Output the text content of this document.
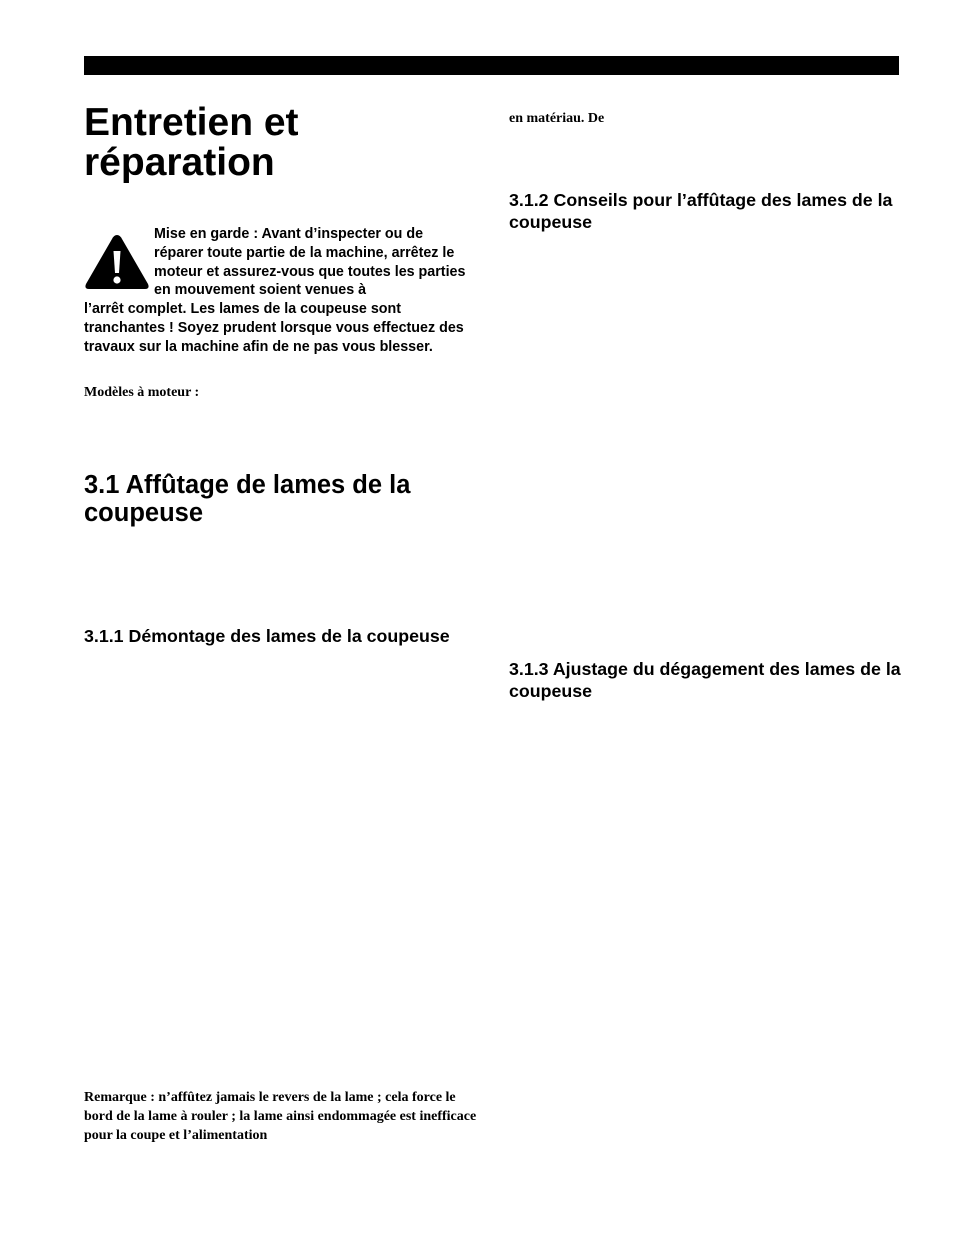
Entretien et réparation

Mise en garde : Avant d’inspecter ou de réparer toute partie de la machine, arrêtez le moteur et assurez-vous que toutes les parties en mouvement soient venues à

l’arrêt complet. Les lames de la coupeuse sont tranchantes ! Soyez prudent lorsque vous effectuez des travaux sur la machine afin de ne pas vous blesser.

Modèles à moteur :

3.1 Affûtage de lames de la coupeuse
3.1.1 Démontage des lames de la coupeuse

Remarque : n’affûtez jamais le revers de la lame ; cela force le bord de la lame à rouler ; la lame ainsi endommagée est inefficace pour la coupe et l’alimentation

en matériau. De

3.1.2 Conseils pour l’affûtage des lames de la coupeuse
3.1.3 Ajustage du dégagement des lames de la coupeuse
